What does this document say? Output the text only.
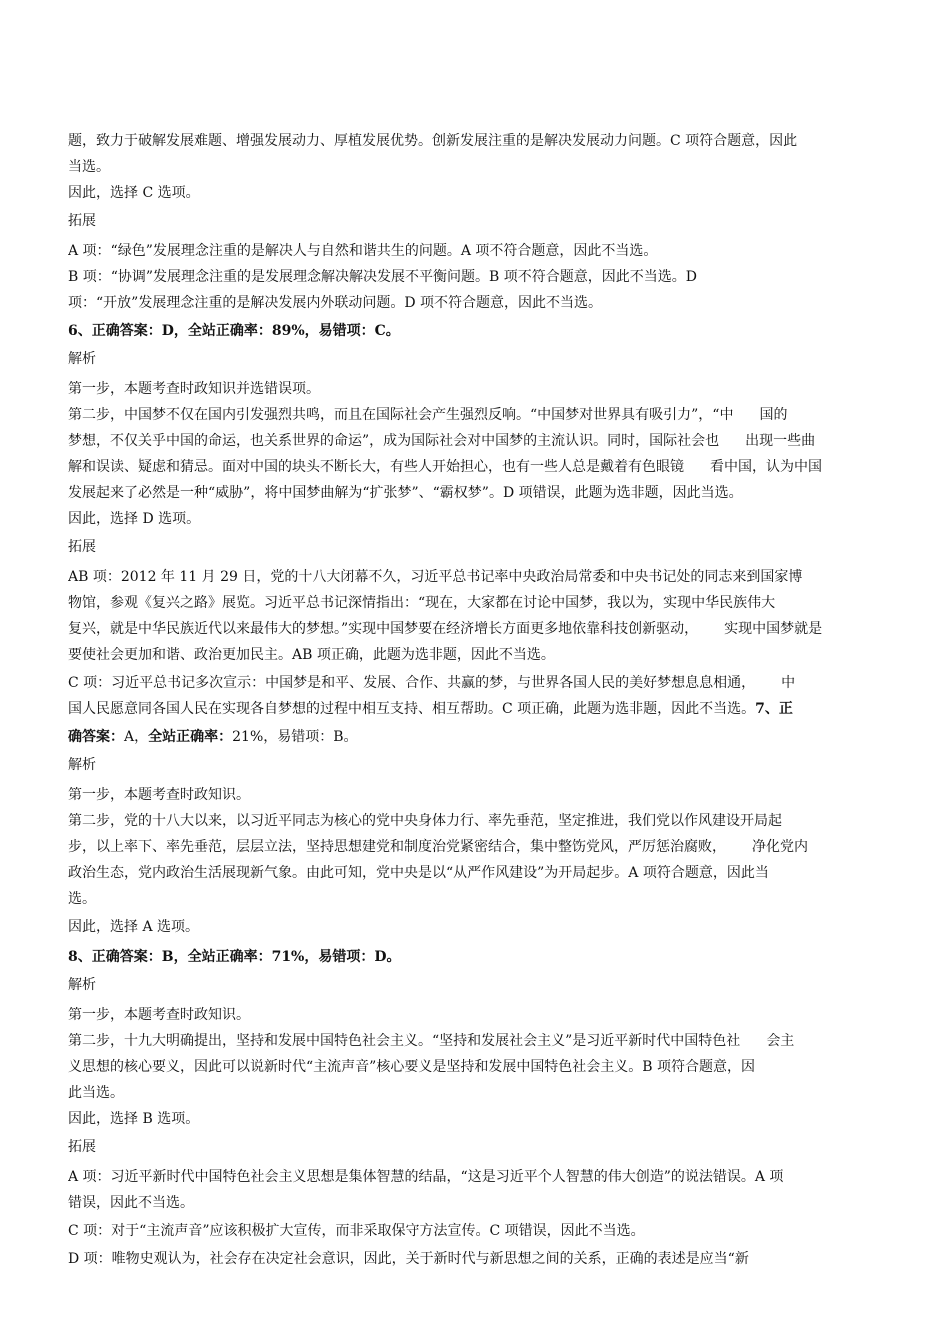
题，致力于破解发展难题、增强发展动力、厚植发展优势。创新发展注重的是解决发展动力问题。C 项符合题意，因此
当选。
因此，选择 C 选项。
拓展
A 项：“绿色”发展理念注重的是解决人与自然和谐共生的问题。A 项不符合题意，因此不当选。
B 项：“协调”发展理念注重的是发展理念解决解决发展不平衡问题。B 项不符合题意，因此不当选。D
项：“开放”发展理念注重的是解决发展内外联动问题。D 项不符合题意，因此不当选。
6、正确答案：D，全站正确率：89%，易错项：C。
解析
第一步，本题考查时政知识并选错误项。
第二步，中国梦不仅在国内引发强烈共鸣，而且在国际社会产生强烈反响。“中国梦对世界具有吸引力”，“中 国的
梦想，不仅关乎中国的命运，也关系世界的命运”，成为国际社会对中国梦的主流认识。同时，国际社会也 出现一些曲
解和误读、疑虑和猜忌。面对中国的块头不断长大，有些人开始担心，也有一些人总是戴着有色眼镜 看中国，认为中国
发展起来了必然是一种“威胁”，将中国梦曲解为“扩张梦”、“霸权梦”。D 项错误，此题为选非题，因此当选。
因此，选择 D 选项。
拓展
AB 项：2012 年 11 月 29 日，党的十八大闭幕不久，习近平总书记率中央政治局常委和中央书记处的同志来到国家博
物馆，参观《复兴之路》展览。习近平总书记深情指出：“现在，大家都在讨论中国梦，我以为，实现中华民族伟大
复兴，就是中华民族近代以来最伟大的梦想。”实现中国梦要在经济增长方面更多地依靠科技创新驱动， 实现中国梦就是
要使社会更加和谐、政治更加民主。AB 项正确，此题为选非题，因此不当选。
C 项：习近平总书记多次宣示：中国梦是和平、发展、合作、共赢的梦，与世界各国人民的美好梦想息息相通， 中
国人民愿意同各国人民在实现各自梦想的过程中相互支持、相互帮助。C 项正确，此题为选非题，因此不当选。7、正
确答案：A，全站正确率：21%，易错项：B。
解析
第一步，本题考查时政知识。
第二步，党的十八大以来，以习近平同志为核心的党中央身体力行、率先垂范，坚定推进，我们党以作风建设开局起
步，以上率下、率先垂范，层层立法，坚持思想建党和制度治党紧密结合，集中整饬党风，严厉惩治腐败， 净化党内
政治生态，党内政治生活展现新气象。由此可知，党中央是以“从严作风建设”为开局起步。A 项符合题意，因此当
选。
因此，选择 A 选项。
8、正确答案：B，全站正确率：71%，易错项：D。
解析
第一步，本题考查时政知识。
第二步，十九大明确提出，坚持和发展中国特色社会主义。“坚持和发展社会主义”是习近平新时代中国特色社 会主
义思想的核心要义，因此可以说新时代“主流声音”核心要义是坚持和发展中国特色社会主义。B 项符合题意，因
此当选。
因此，选择 B 选项。
拓展
A 项：习近平新时代中国特色社会主义思想是集体智慧的结晶，“这是习近平个人智慧的伟大创造”的说法错误。A 项
错误，因此不当选。
C 项：对于“主流声音”应该积极扩大宣传，而非采取保守方法宣传。C 项错误，因此不当选。
D 项：唯物史观认为，社会存在决定社会意识，因此，关于新时代与新思想之间的关系，正确的表述是应当“新
